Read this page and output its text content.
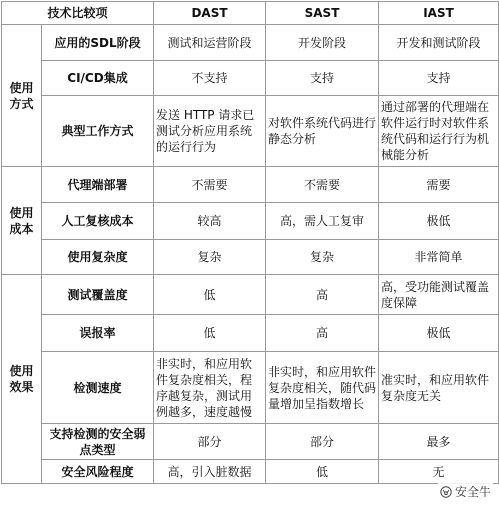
技术比较项		DAST	SAST	IAST
使用方式	应用的SDL阶段	测试和运营阶段	开发阶段	开发和测试阶段
	CI/CD集成	不支持	支持	支持
	典型工作方式	发送 HTTP 请求已测试分析应用系统的运行行为	对软件系统代码进行静态分析	通过部署的代理端在软件运行时对软件系统代码和运行行为机械能分析
使用成本	代理端部署	不需要	不需要	需要
	人工复核成本	较高	高，需人工复审	极低
	使用复杂度	复杂	复杂	非常简单
使用效果	测试覆盖度	低	高	高，受功能测试覆盖度保障
	误报率	低	高	极低
	检测速度	非实时，和应用软件复杂度相关，程序越复杂，测试用例越多，速度越慢	非实时，和应用软件复杂度相关，随代码量增加呈指数增长	准实时，和应用软件复杂度无关
	支持检测的安全弱点类型	部分	部分	最多
	安全风险程度	高，引入脏数据	低	无
安全牛
